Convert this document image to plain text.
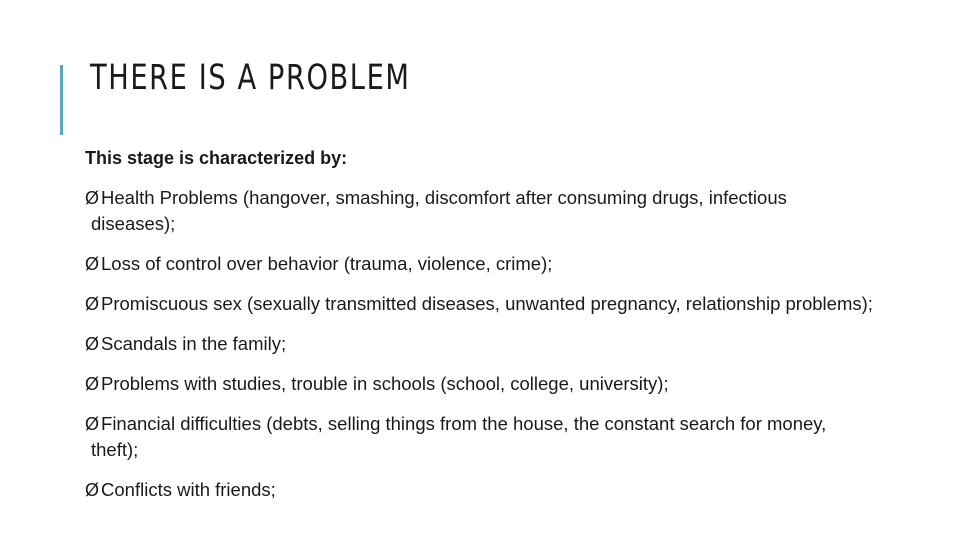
THERE IS A PROBLEM

This stage is characterized by:

Ø Health Problems (hangover, smashing, discomfort after consuming drugs, infectious diseases);
Ø Loss of control over behavior (trauma, violence, crime);
Ø Promiscuous sex (sexually transmitted diseases, unwanted pregnancy, relationship problems);
Ø Scandals in the family;
Ø Problems with studies, trouble in schools (school, college, university);
Ø Financial difficulties (debts, selling things from the house, the constant search for money, theft);
Ø Conflicts with friends;
